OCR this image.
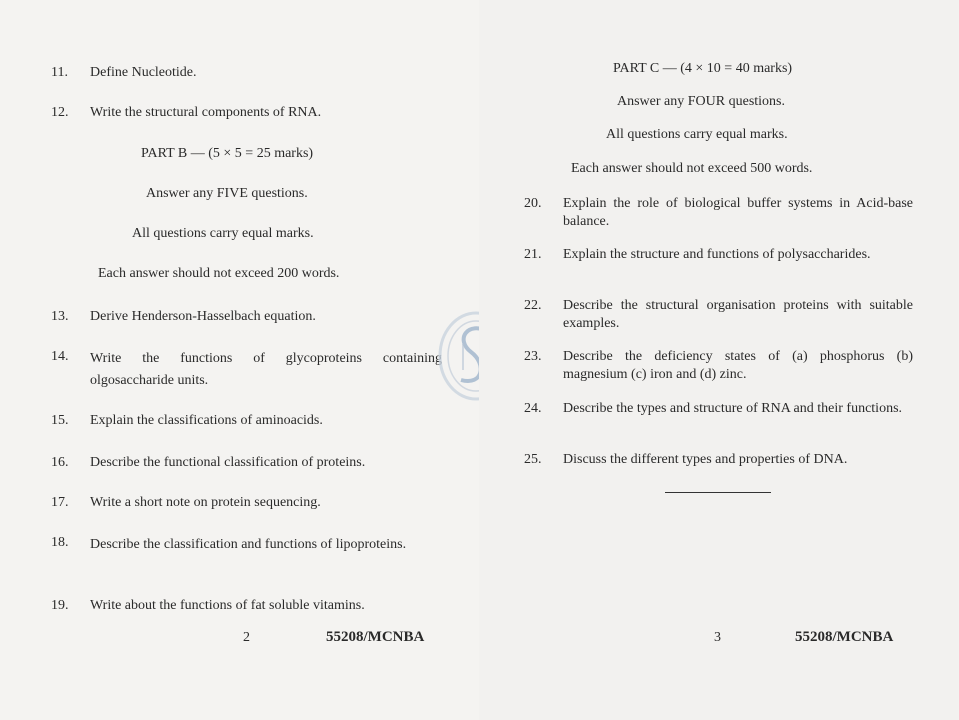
11. Define Nucleotide.
12. Write the structural components of RNA.
PART B — (5 × 5 = 25 marks)
Answer any FIVE questions.
All questions carry equal marks.
Each answer should not exceed 200 words.
13. Derive Henderson-Hasselbach equation.
14. Write the functions of glycoproteins containing olgosaccharide units.
15. Explain the classifications of aminoacids.
16. Describe the functional classification of proteins.
17. Write a short note on protein sequencing.
18. Describe the classification and functions of lipoproteins.
19. Write about the functions of fat soluble vitamins.
2	55208/MCNBA
PART C — (4 × 10 = 40 marks)
Answer any FOUR questions.
All questions carry equal marks.
Each answer should not exceed 500 words.
20. Explain the role of biological buffer systems in Acid-base balance.
21. Explain the structure and functions of polysaccharides.
22. Describe the structural organisation proteins with suitable examples.
23. Describe the deficiency states of (a) phosphorus (b) magnesium (c) iron and (d) zinc.
24. Describe the types and structure of RNA and their functions.
25. Discuss the different types and properties of DNA.
3	55208/MCNBA
